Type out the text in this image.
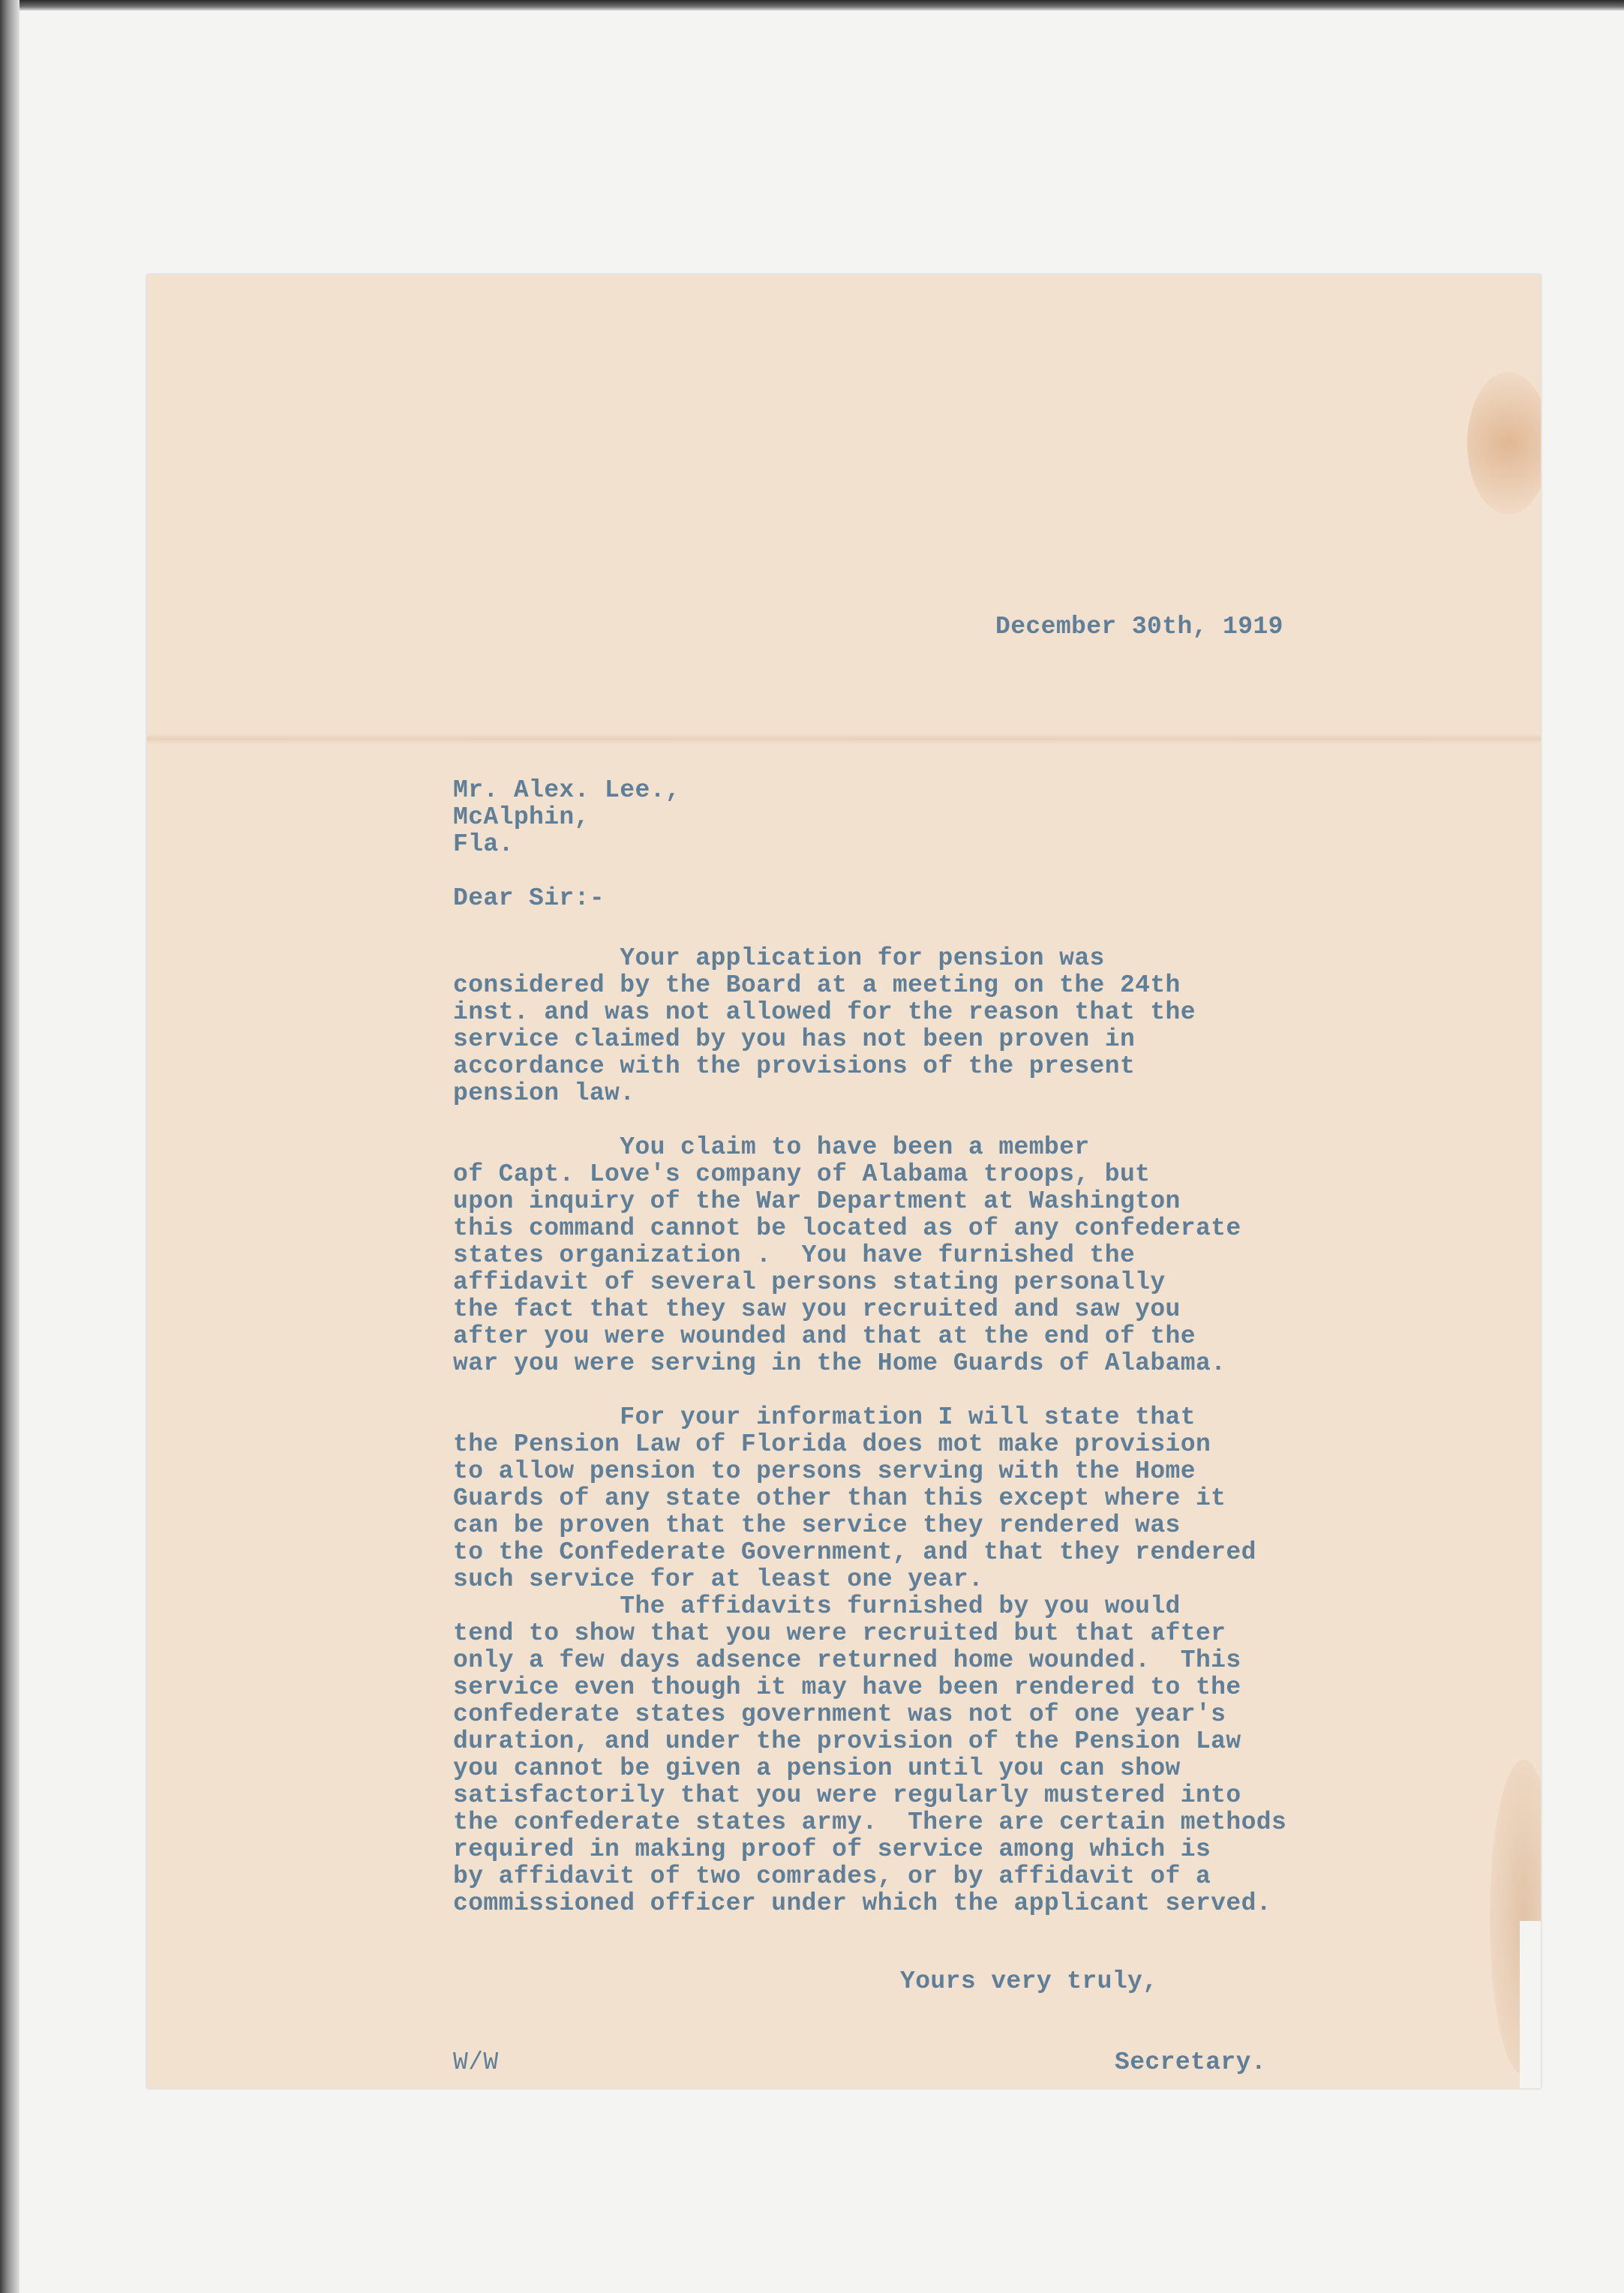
December 30th, 1919
Mr. Alex. Lee.,
McAlphin,
Fla.
Dear Sir:-
Your application for pension was
considered by the Board at a meeting on the 24th
inst. and was not allowed for the reason that the
service claimed by you has not been proven in
accordance with the provisions of the present
pension law.

You claim to have been a member
of Capt. Love's company of Alabama troops, but
upon inquiry of the War Department at Washington
this command cannot be located as of any confederate
states organization .  You have furnished the
affidavit of several persons stating personally
the fact that they saw you recruited and saw you
after you were wounded and that at the end of the
war you were serving in the Home Guards of Alabama.

For your information I will state that
the Pension Law of Florida does mot make provision
to allow pension to persons serving with the Home
Guards of any state other than this except where it
can be proven that the service they rendered was
to the Confederate Government, and that they rendered
such service for at least one year.
The affidavits furnished by you would
tend to show that you were recruited but that after
only a few days adsence returned home wounded.  This
service even though it may have been rendered to the
confederate states government was not of one year's
duration, and under the provision of the Pension Law
you cannot be given a pension until you can show
satisfactorily that you were regularly mustered into
the confederate states army.  There are certain methods
required in making proof of service among which is
by affidavit of two comrades, or by affidavit of a
commissioned officer under which the applicant served.
Yours very truly,
W/W	Secretary.
